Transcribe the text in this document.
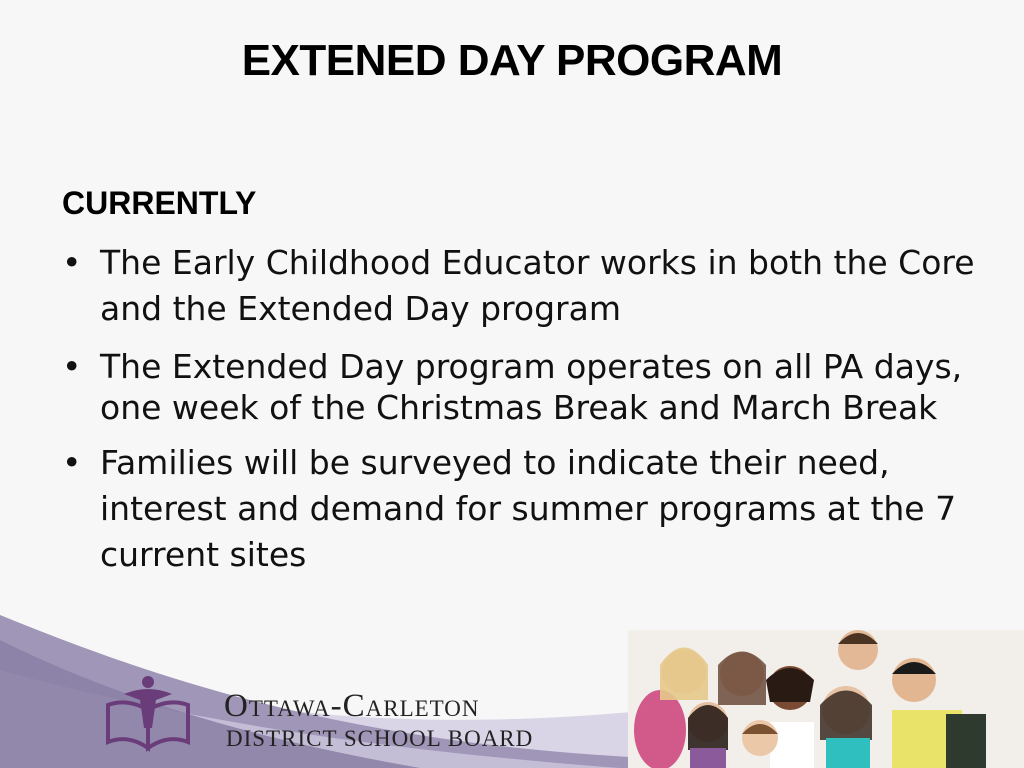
EXTENED DAY PROGRAM
CURRENTLY
• The Early Childhood Educator works in both the Core and the Extended Day program
• The Extended Day program operates on all PA days, one week of the Christmas Break and March Break
• Families will be surveyed to indicate their need, interest and demand for summer programs at the 7 current sites
Ottawa-Carleton
DISTRICT SCHOOL BOARD
